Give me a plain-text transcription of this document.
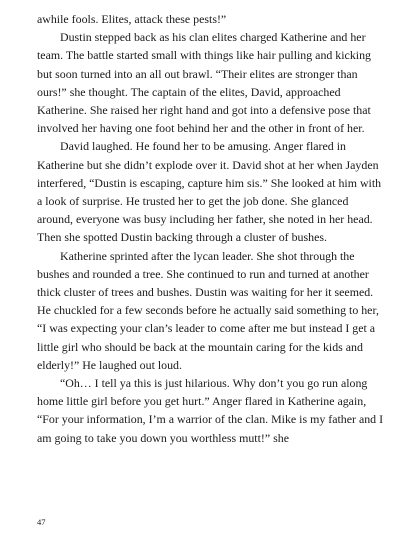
awhile fools. Elites, attack these pests!”

Dustin stepped back as his clan elites charged Katherine and her team. The battle started small with things like hair pulling and kicking but soon turned into an all out brawl. “Their elites are stronger than ours!” she thought. The captain of the elites, David, approached Katherine. She raised her right hand and got into a defensive pose that involved her having one foot behind her and the other in front of her.

David laughed. He found her to be amusing. Anger flared in Katherine but she didn’t explode over it. David shot at her when Jayden interfered, “Dustin is escaping, capture him sis.” She looked at him with a look of surprise. He trusted her to get the job done. She glanced around, everyone was busy including her father, she noted in her head. Then she spotted Dustin backing through a cluster of bushes.

Katherine sprinted after the lycan leader. She shot through the bushes and rounded a tree. She continued to run and turned at another thick cluster of trees and bushes. Dustin was waiting for her it seemed. He chuckled for a few seconds before he actually said something to her, “I was expecting your clan’s leader to come after me but instead I get a little girl who should be back at the mountain caring for the kids and elderly!” He laughed out loud.

“Oh… I tell ya this is just hilarious. Why don’t you go run along home little girl before you get hurt.” Anger flared in Katherine again, “For your information, I’m a warrior of the clan. Mike is my father and I am going to take you down you worthless mutt!” she

47
